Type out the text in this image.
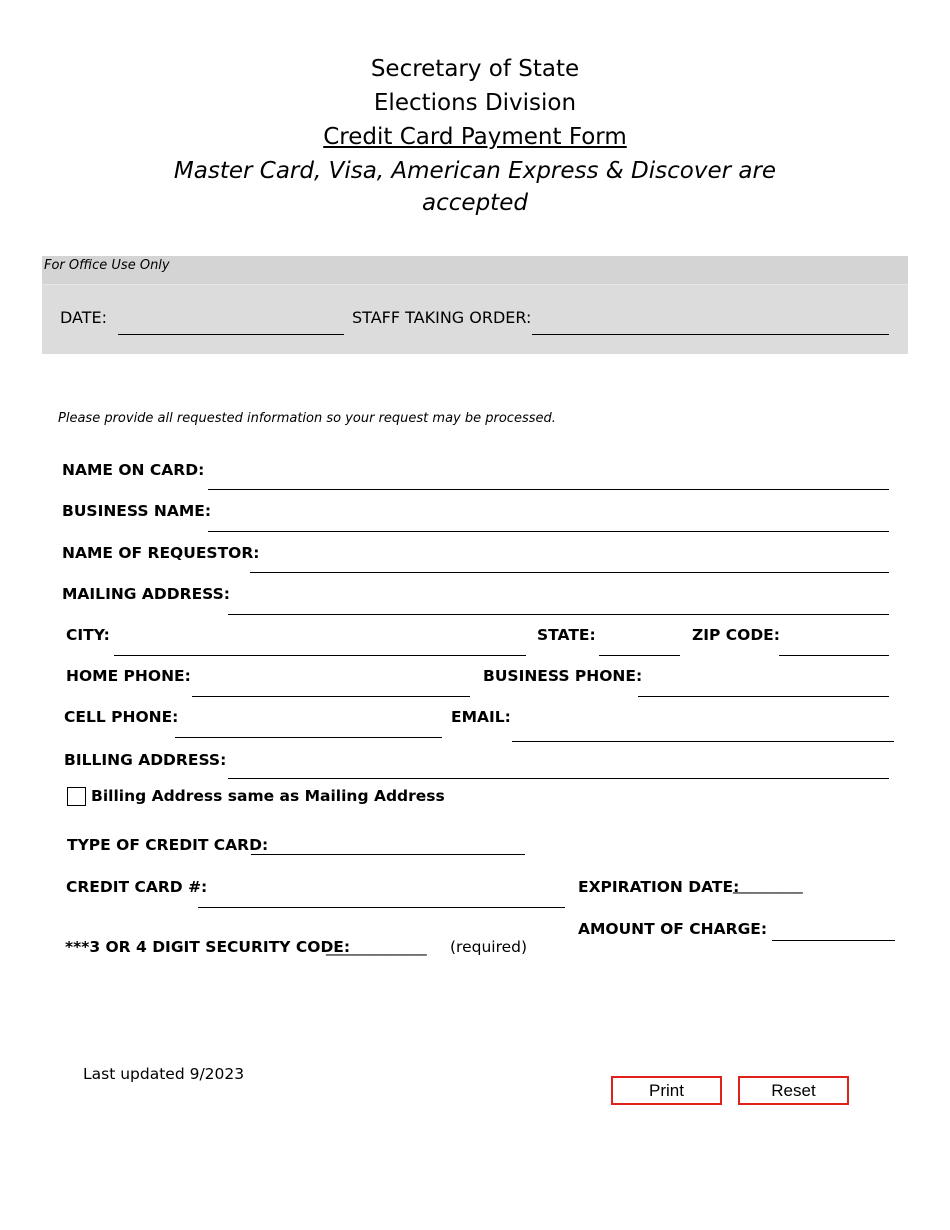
Secretary of State
Elections Division
Credit Card Payment Form
Master Card, Visa, American Express & Discover are
accepted
For Office Use Only
DATE:	STAFF TAKING ORDER:
Please provide all requested information so your request may be processed.
NAME ON CARD:
BUSINESS NAME:
NAME OF REQUESTOR:
MAILING ADDRESS:
CITY:	STATE:	ZIP CODE:
HOME PHONE:	BUSINESS PHONE:
CELL PHONE:	EMAIL:
BILLING ADDRESS:
Billing Address same as Mailing Address
TYPE OF CREDIT CARD:
CREDIT CARD #:	EXPIRATION DATE:
_________
AMOUNT OF CHARGE:
***3 OR 4 DIGIT SECURITY CODE:
_____________ (required)
Last updated 9/2023
Print	Reset
